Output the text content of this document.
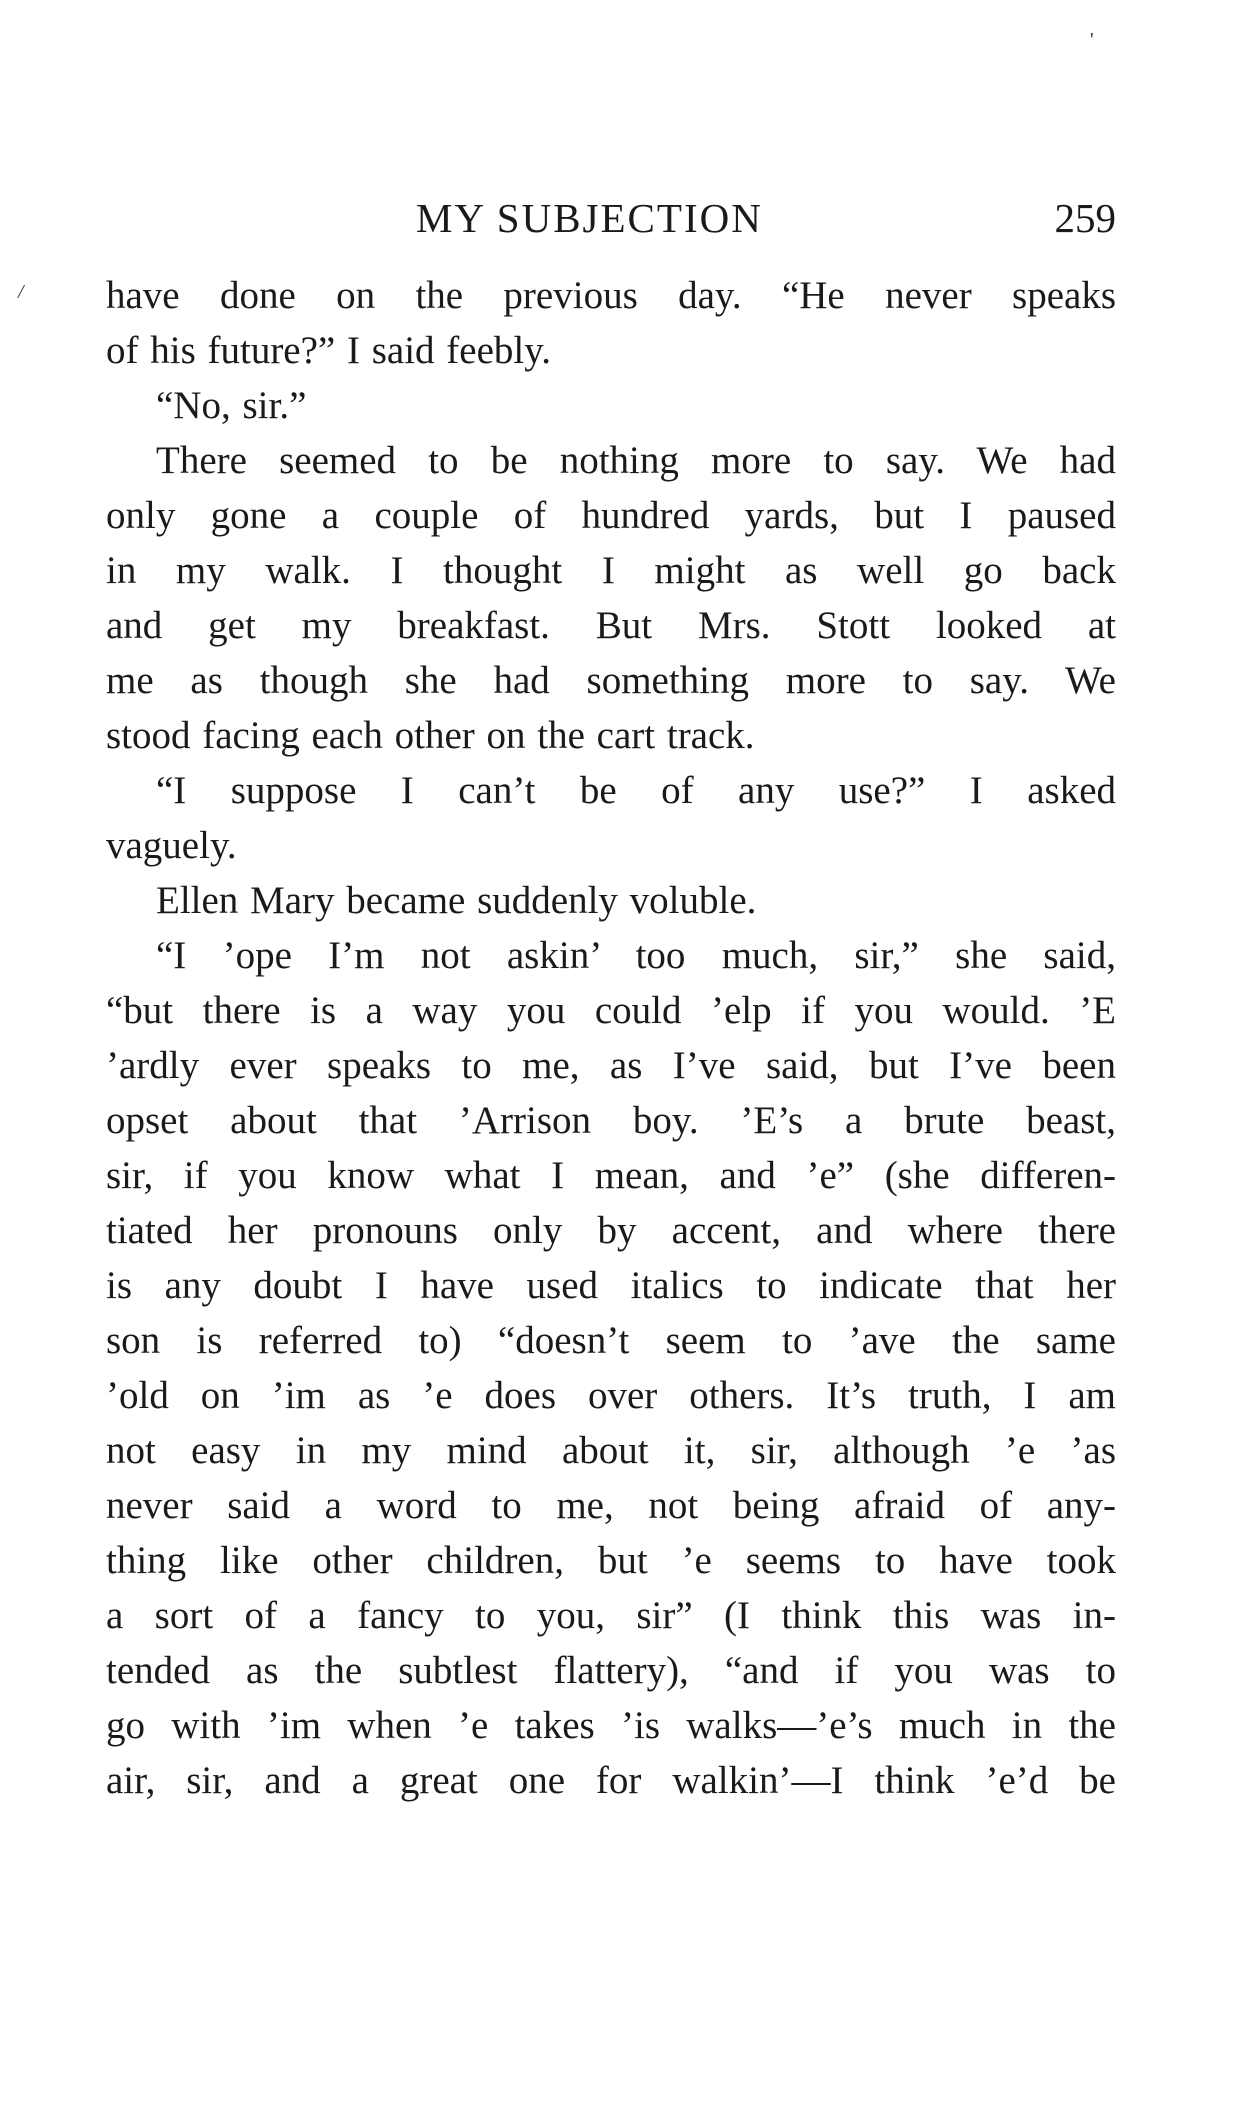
'
/
MY SUBJECTION	259
have done on the previous day. “He never speaks
of his future?” I said feebly.
“No, sir.”
There seemed to be nothing more to say. We had
only gone a couple of hundred yards, but I paused
in my walk. I thought I might as well go back
and get my breakfast. But Mrs. Stott looked at
me as though she had something more to say. We
stood facing each other on the cart track.
“I suppose I can’t be of any use?” I asked
vaguely.
Ellen Mary became suddenly voluble.
“I ’ope I’m not askin’ too much, sir,” she said,
“but there is a way you could ’elp if you would. ’E
’ardly ever speaks to me, as I’ve said, but I’ve been
opset about that ’Arrison boy. ’E’s a brute beast,
sir, if you know what I mean, and ’e” (she differen-
tiated her pronouns only by accent, and where there
is any doubt I have used italics to indicate that her
son is referred to) “doesn’t seem to ’ave the same
’old on ’im as ’e does over others. It’s truth, I am
not easy in my mind about it, sir, although ’e ’as
never said a word to me, not being afraid of any-
thing like other children, but ’e seems to have took
a sort of a fancy to you, sir” (I think this was in-
tended as the subtlest flattery), “and if you was to
go with ’im when ’e takes ’is walks—’e’s much in the
air, sir, and a great one for walkin’—I think ’e’d be
